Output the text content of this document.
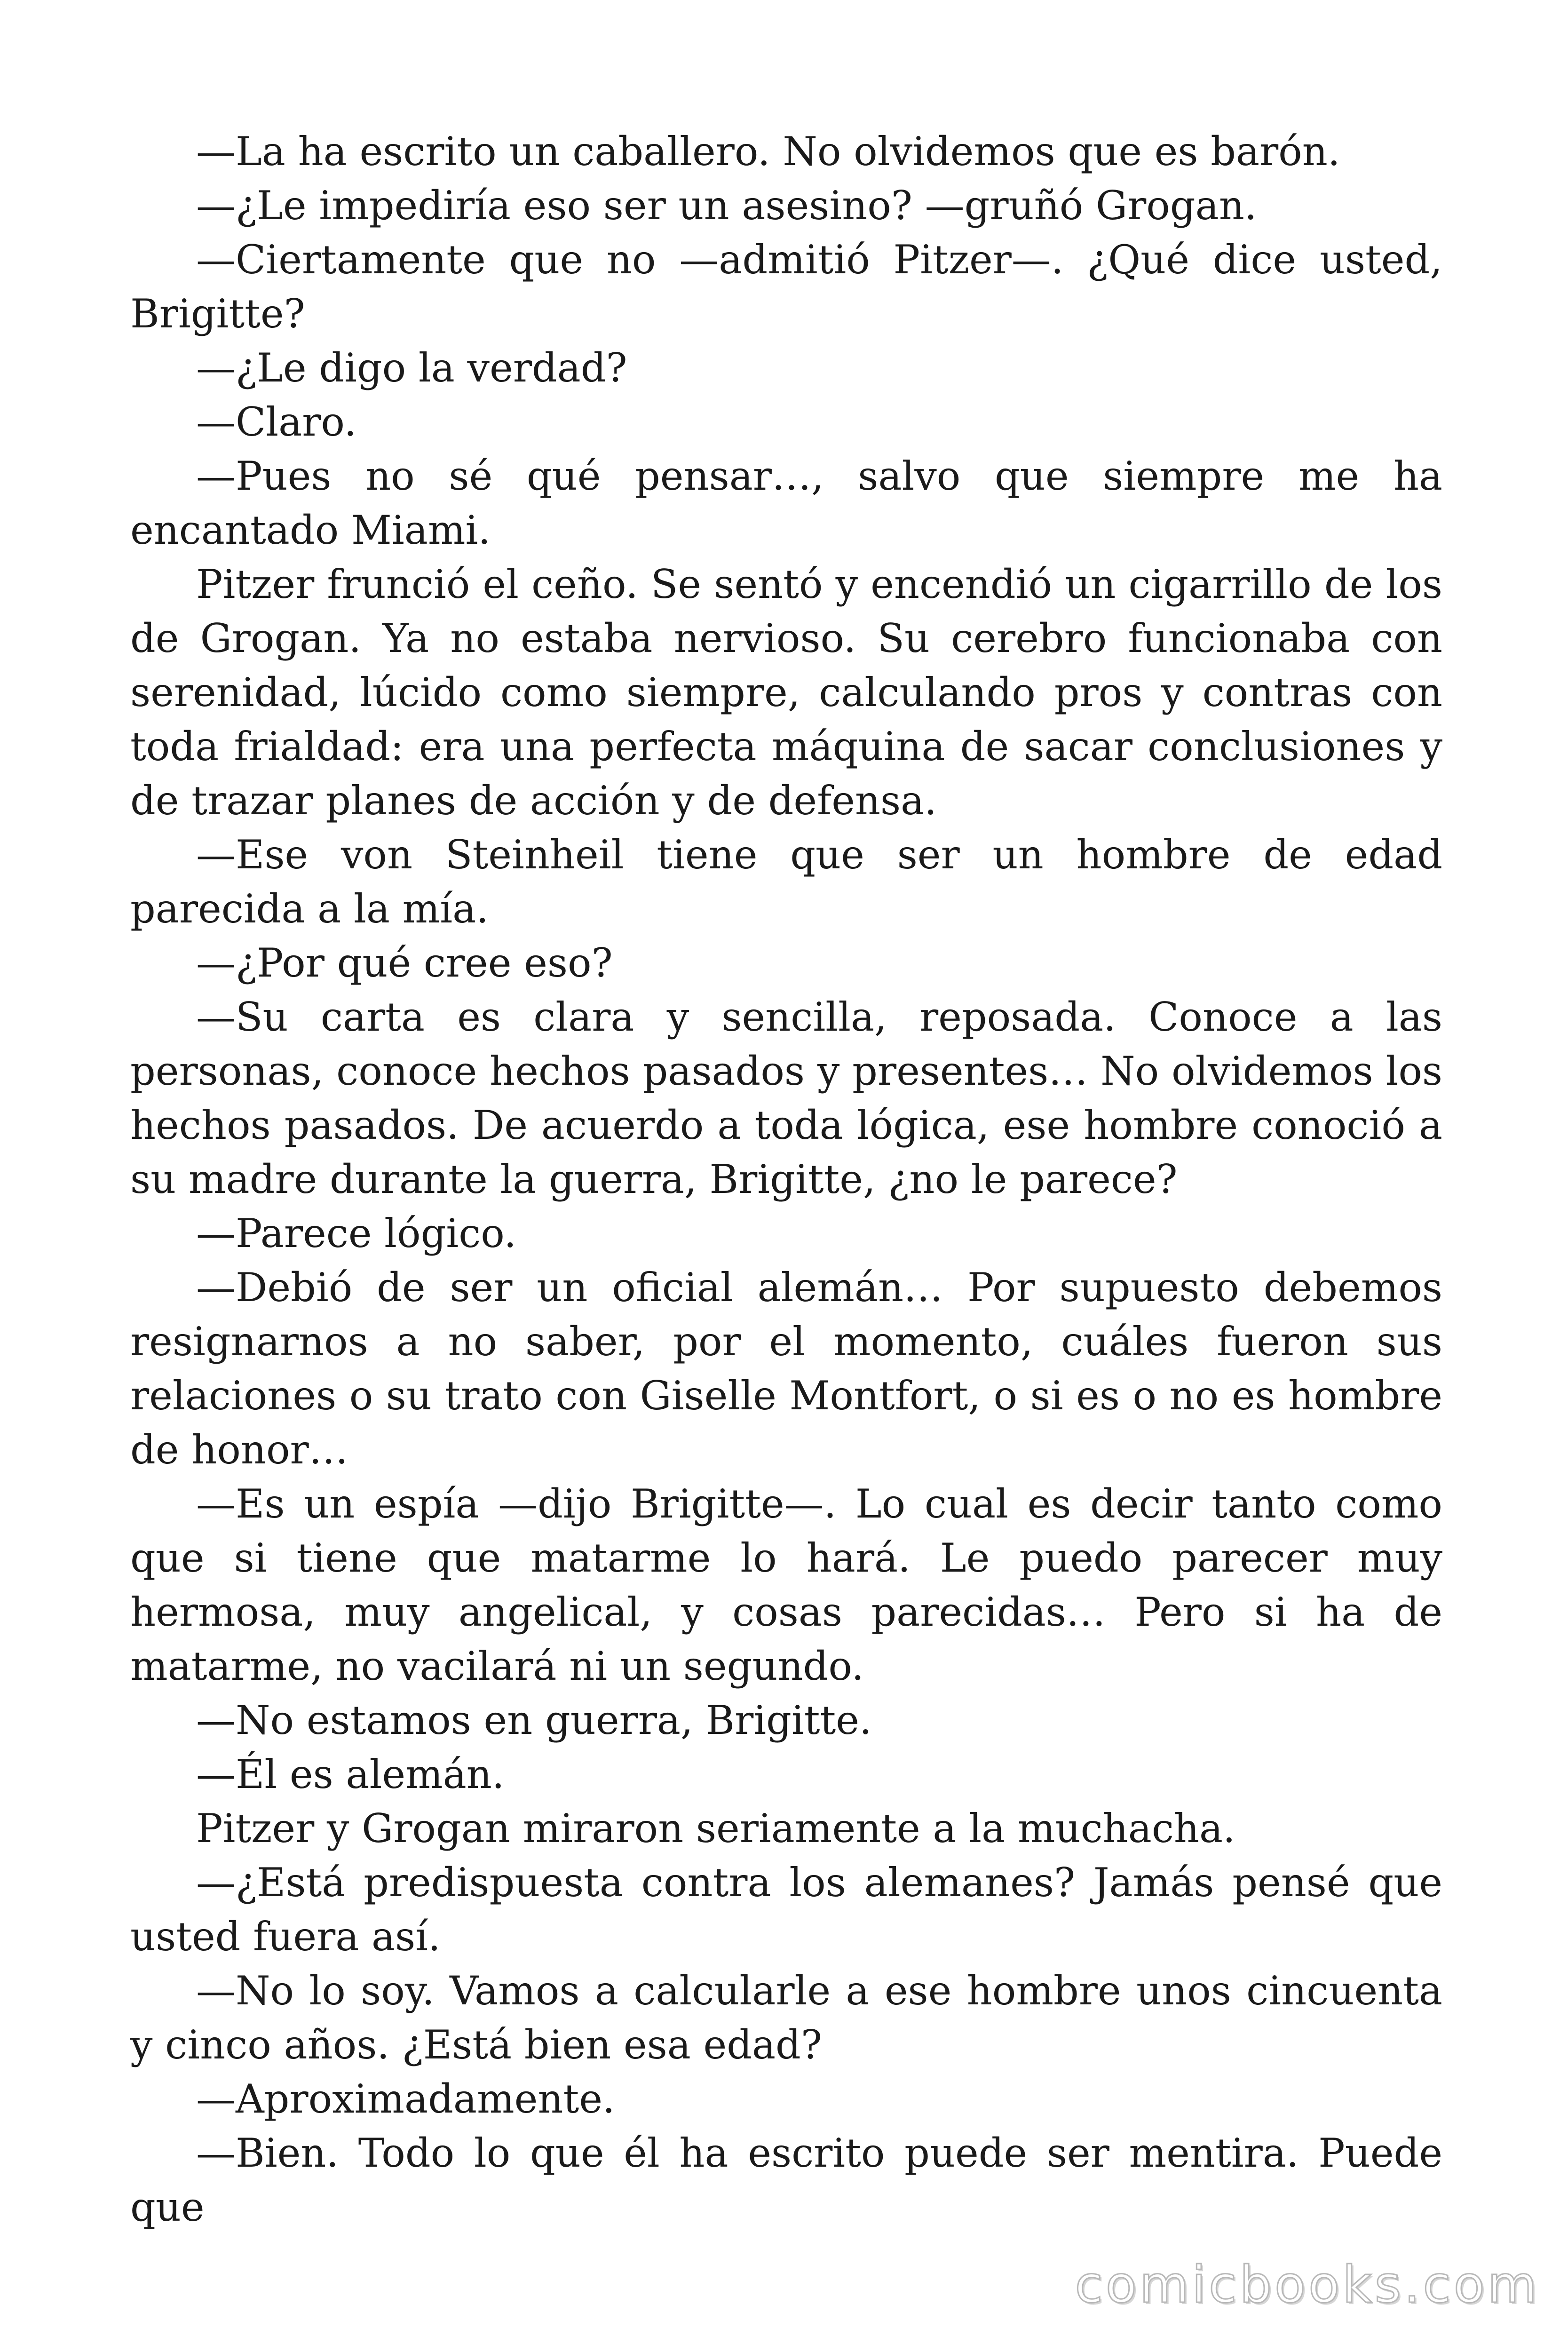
—La ha escrito un caballero. No olvidemos que es barón.

—¿Le impediría eso ser un asesino? —gruñó Grogan.

—Ciertamente que no —admitió Pitzer—. ¿Qué dice usted, Brigitte?

—¿Le digo la verdad?

—Claro.

—Pues no sé qué pensar…, salvo que siempre me ha encantado Miami.

Pitzer frunció el ceño. Se sentó y encendió un cigarrillo de los de Grogan. Ya no estaba nervioso. Su cerebro funcionaba con serenidad, lúcido como siempre, calculando pros y contras con toda frialdad: era una perfecta máquina de sacar conclusiones y de trazar planes de acción y de defensa.

—Ese von Steinheil tiene que ser un hombre de edad parecida a la mía.

—¿Por qué cree eso?

—Su carta es clara y sencilla, reposada. Conoce a las personas, conoce hechos pasados y presentes… No olvidemos los hechos pasados. De acuerdo a toda lógica, ese hombre conoció a su madre durante la guerra, Brigitte, ¿no le parece?

—Parece lógico.

—Debió de ser un oficial alemán… Por supuesto debemos resignarnos a no saber, por el momento, cuáles fueron sus relaciones o su trato con Giselle Montfort, o si es o no es hombre de honor…

—Es un espía —dijo Brigitte—. Lo cual es decir tanto como que si tiene que matarme lo hará. Le puedo parecer muy hermosa, muy angelical, y cosas parecidas… Pero si ha de matarme, no vacilará ni un segundo.

—No estamos en guerra, Brigitte.

—Él es alemán.

Pitzer y Grogan miraron seriamente a la muchacha.

—¿Está predispuesta contra los alemanes? Jamás pensé que usted fuera así.

—No lo soy. Vamos a calcularle a ese hombre unos cincuenta y cinco años. ¿Está bien esa edad?

—Aproximadamente.

—Bien. Todo lo que él ha escrito puede ser mentira. Puede que

comicbooks.com
